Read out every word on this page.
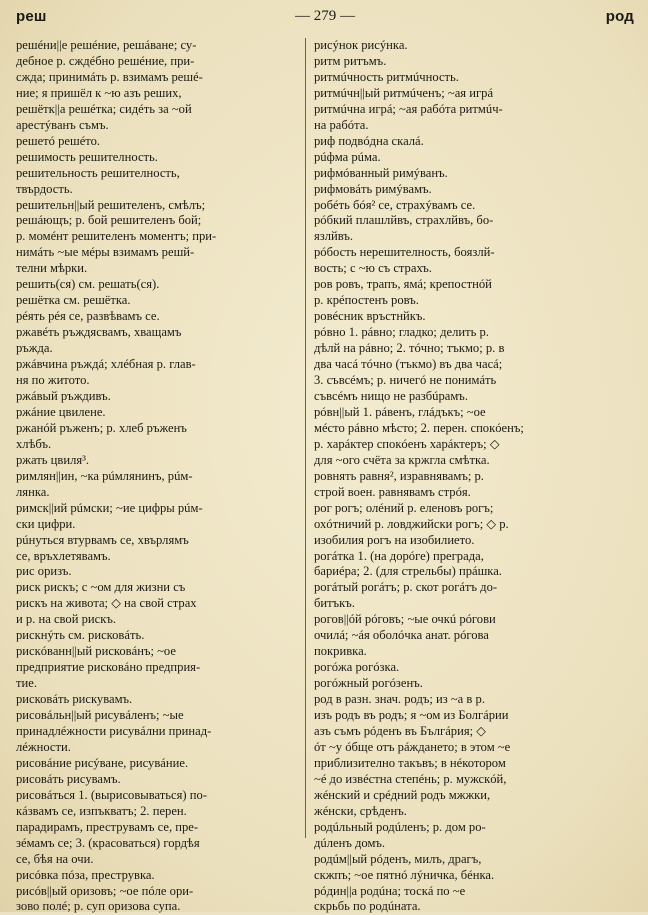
реш	— 279 —	род

решéни||е решéние, решáване; су-

дебное р. сждéбно решéние, при-

сжда; принимáть р. взимамъ решé-

ние; я пришёл к ~ю азъ реших,

решётк||а решéтка; сидéть за ~ой

арестýванъ съмъ.

решетó решéто.

решимость решителность.

решительность решителность,

твърдость.

решительн||ый решителенъ, смѣлъ;

решáющъ; р. бой решителенъ бой;

р. момéнт решителенъ моментъ; при-

нимáть ~ые мéры взимамъ решй-

телни мѣрки.

решить(ся) см. решать(ся).

решётка см. решётка.

рéять рéя се, развѣвамъ се.

ржавéть ръждясвамъ, хващамъ

ръжда.

ржáвчина ръждá; хлéбная р. глав-

ня по житото.

ржáвый ръждивъ.

ржáние цвилене.

ржанóй ръженъ; р. хлеб ръженъ

хлѣбъ.

ржать цвиля³.

римлян||ин, ~ка рúмлянинъ, рúм-

лянка.

римск||ий рúмски; ~ие цифры рúм-

ски цифри.

рúнуться втурвамъ се, хвърлямъ

се, връхлетявамъ.

рис оризъ.

риск рискъ; с ~ом для жизни съ

рискъ на живота; ◇ на свой страх

и р. на свой рискъ.

рискнýть см. рисковáть.

рискóванн||ый рисковáнъ; ~ое

предприятие рисковáно предприя-

тие.

рисковáть рискувамъ.

рисовáльн||ый рисувáленъ; ~ые

принадлéжности рисувáлни принад-

лéжности.

рисовáние рисýване, рисувáние.

рисовáть рисувамъ.

рисовáться 1. (вырисовываться) по-

кáзвамъ се, изпъкватъ; 2. перен.

парадирамъ, преструвамъ се, пре-

зéмамъ се; 3. (красоваться) гордѣя

се, бѣя на очи.

рисóвка пóза, преструвка.

рисóв||ый оризовъ; ~ое пóле ори-

зово полé; р. суп оризова супа.

рисýнок рисýнка.

ритм ритъмъ.

ритмúчность ритмúчность.

ритмúчн||ый ритмúченъ; ~ая игрá

ритмúчна игрá; ~ая рабóта ритмúч-

на рабóта.

риф подвóдна скалá.

рúфма рúма.

рифмóванный римýванъ.

рифмовáть римýвамъ.

робéть бóя² се, страхýвамъ се.

рóбкий плашлйвъ, страхлйвъ, бо-

язлйвъ.

рóбость нерешителность, боязлй-

вость; с ~ю съ страхъ.

ров ровъ, трапъ, ямá; крепостнóй

р. крéпостенъ ровъ.

ровéсник връстнйкъ.

рóвно 1. рáвно; гладко; делить р.

дѣлй на рáвно; 2. тóчно; тъкмо; р. в

два часá тóчно (тъкмо) въ два часá;

3. съвсéмъ; р. ничегó не понимáть

съвсéмъ нищо не разбúрамъ.

рóвн||ый 1. рáвенъ, глáдъкъ; ~ое

мéсто рáвно мѣсто; 2. перен. спокóенъ;

р. харáктер спокóенъ харáктеръ; ◇

для ~ого счёта за кржгла смѣтка.

ровнять равня², изравнявамъ; р.

строй воен. равнявамъ стрóя.

рог рогъ; олéний р. еленовъ рогъ;

охóтничий р. ловджийски рогъ; ◇ р.

изобилия рогъ на изобилието.

рогáтка 1. (на дорóге) преграда,

бариéра; 2. (для стрельбы) прáшка.

рогáтый рогáтъ; р. скот рогáтъ до-

битъкъ.

рогов||óй рóговъ; ~ые очкú рóгови

очилá; ~áя оболóчка анат. рóгова

покривка.

рогóжа рогóзка.

рогóжный рогóзенъ.

род в разн. знач. родъ; из ~а в р.

изъ родъ въ родъ; я ~ом из Болгáрии

азъ съмъ рóденъ въ Бългáрия; ◇

óт ~у óбще отъ рáждането; в этом ~е

приблизително такъвъ; в нéкотором

~é до извéстна степéнь; р. мужскóй,

жéнский и срéдний родъ мжжки,

жéнски, срѣденъ.

родúльный родúленъ; р. дом ро-

дúленъ домъ.

родúм||ый рóденъ, милъ, драгъ,

скжпъ; ~ое пятнó лýничка, бéнка.

рóдин||а родúна; тоскá по ~е

скрьбь по родúната.
